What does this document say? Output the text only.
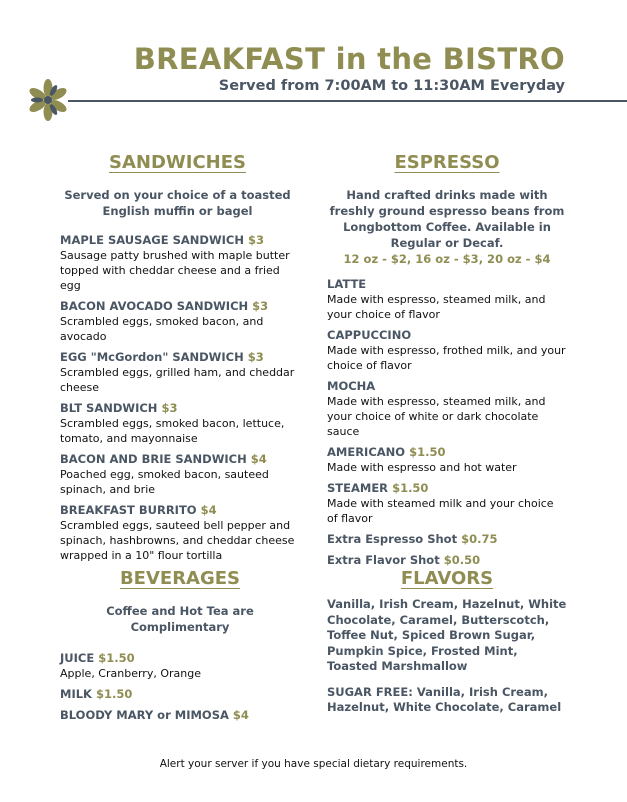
BREAKFAST in the BISTRO
Served from 7:00AM to 11:30AM Everyday
SANDWICHES
Served on your choice of a toasted English muffin or bagel
MAPLE SAUSAGE SANDWICH $3
Sausage patty brushed with maple butter topped with cheddar cheese and a fried egg
BACON AVOCADO SANDWICH $3
Scrambled eggs, smoked bacon, and avocado
EGG "McGordon" SANDWICH $3
Scrambled eggs, grilled ham, and cheddar cheese
BLT SANDWICH $3
Scrambled eggs, smoked bacon, lettuce, tomato, and mayonnaise
BACON AND BRIE SANDWICH $4
Poached egg, smoked bacon, sauteed spinach, and brie
BREAKFAST BURRITO $4
Scrambled eggs, sauteed bell pepper and spinach, hashbrowns, and cheddar cheese wrapped in a 10" flour tortilla
ESPRESSO
Hand crafted drinks made with freshly ground espresso beans from Longbottom Coffee. Available in Regular or Decaf.
12 oz - $2, 16 oz - $3, 20 oz - $4
LATTE
Made with espresso, steamed milk, and your choice of flavor
CAPPUCCINO
Made with espresso, frothed milk, and your choice of flavor
MOCHA
Made with espresso, steamed milk, and your choice of white or dark chocolate sauce
AMERICANO $1.50
Made with espresso and hot water
STEAMER $1.50
Made with steamed milk and your choice of flavor
Extra Espresso Shot $0.75
Extra Flavor Shot $0.50
BEVERAGES
Coffee and Hot Tea are Complimentary
JUICE $1.50
Apple, Cranberry, Orange
MILK $1.50
BLOODY MARY or MIMOSA $4
FLAVORS
Vanilla, Irish Cream, Hazelnut, White Chocolate, Caramel, Butterscotch, Toffee Nut, Spiced Brown Sugar, Pumpkin Spice, Frosted Mint, Toasted Marshmallow
SUGAR FREE: Vanilla, Irish Cream, Hazelnut, White Chocolate, Caramel
Alert your server if you have special dietary requirements.
